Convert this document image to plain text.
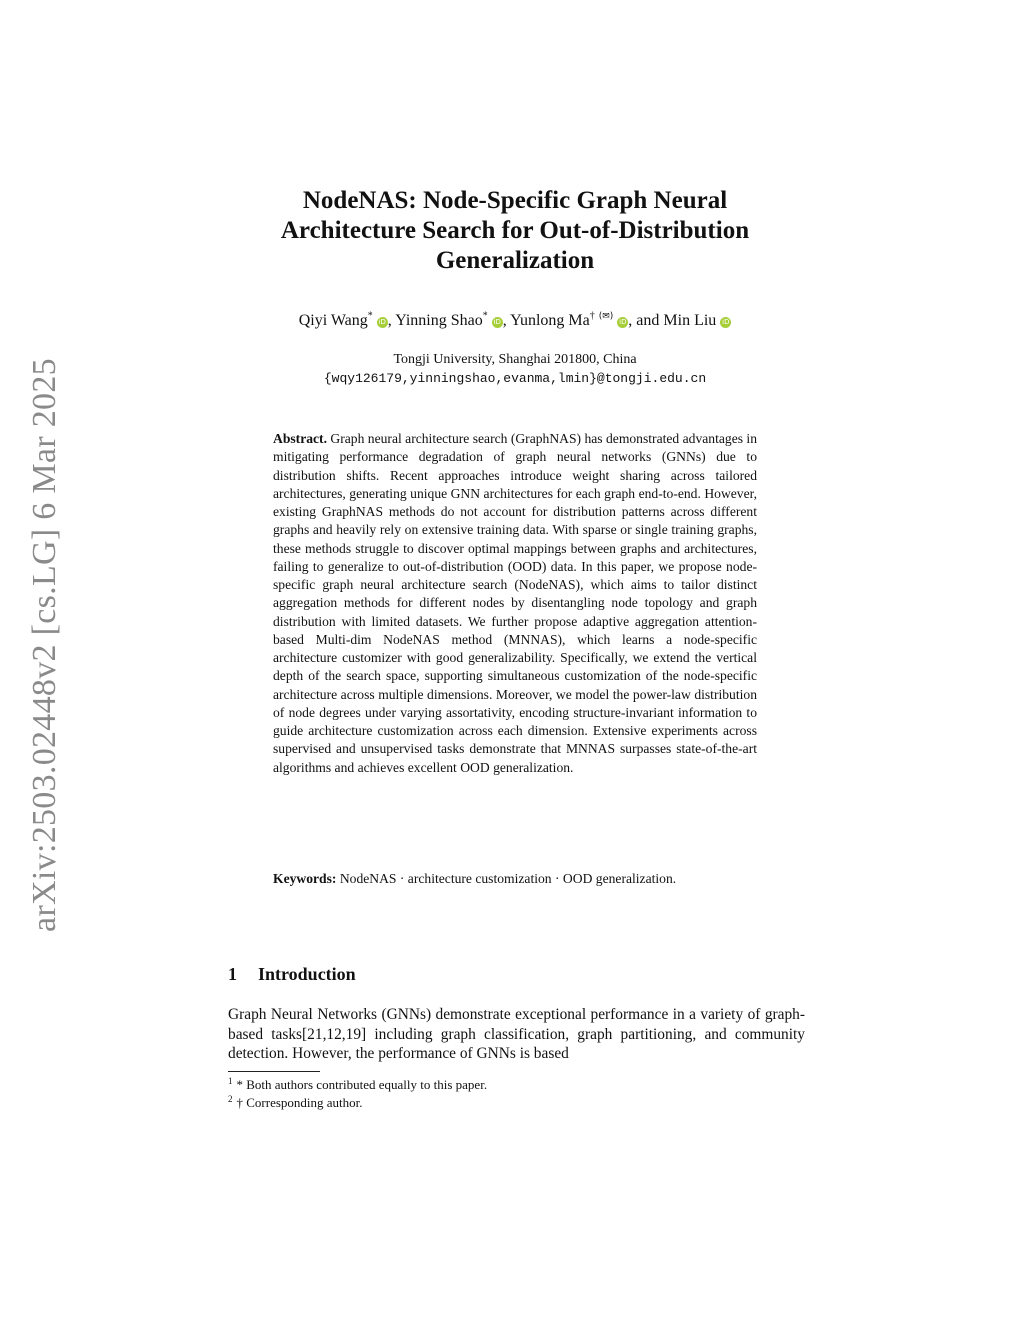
arXiv:2503.02448v2 [cs.LG] 6 Mar 2025
NodeNAS: Node-Specific Graph Neural
Architecture Search for Out-of-Distribution
Generalization
Qiyi Wang* iD , Yinning Shao* iD , Yunlong Ma† (✉) iD , and Min Liu iD
Tongji University, Shanghai 201800, China
{wqy126179,yinningshao,evanma,lmin}@tongji.edu.cn
Abstract. Graph neural architecture search (GraphNAS) has demonstrated advantages in mitigating performance degradation of graph neural networks (GNNs) due to distribution shifts. Recent approaches introduce weight sharing across tailored architectures, generating unique GNN architectures for each graph end-to-end. However, existing GraphNAS methods do not account for distribution patterns across different graphs and heavily rely on extensive training data. With sparse or single training graphs, these methods struggle to discover optimal mappings between graphs and architectures, failing to generalize to out-of-distribution (OOD) data. In this paper, we propose node-specific graph neural architecture search (NodeNAS), which aims to tailor distinct aggregation methods for different nodes by disentangling node topology and graph distribution with limited datasets. We further propose adaptive aggregation attention-based Multi-dim NodeNAS method (MNNAS), which learns a node-specific architecture customizer with good generalizability. Specifically, we extend the vertical depth of the search space, supporting simultaneous customization of the node-specific architecture across multiple dimensions. Moreover, we model the power-law distribution of node degrees under varying assortativity, encoding structure-invariant information to guide architecture customization across each dimension. Extensive experiments across supervised and unsupervised tasks demonstrate that MNNAS surpasses state-of-the-art algorithms and achieves excellent OOD generalization.
Keywords: NodeNAS · architecture customization · OOD generalization.
1 Introduction
Graph Neural Networks (GNNs) demonstrate exceptional performance in a variety of graph-based tasks[21,12,19] including graph classification, graph partitioning, and community detection. However, the performance of GNNs is based
$^1$ * Both authors contributed equally to this paper.
$^2$ † Corresponding author.
